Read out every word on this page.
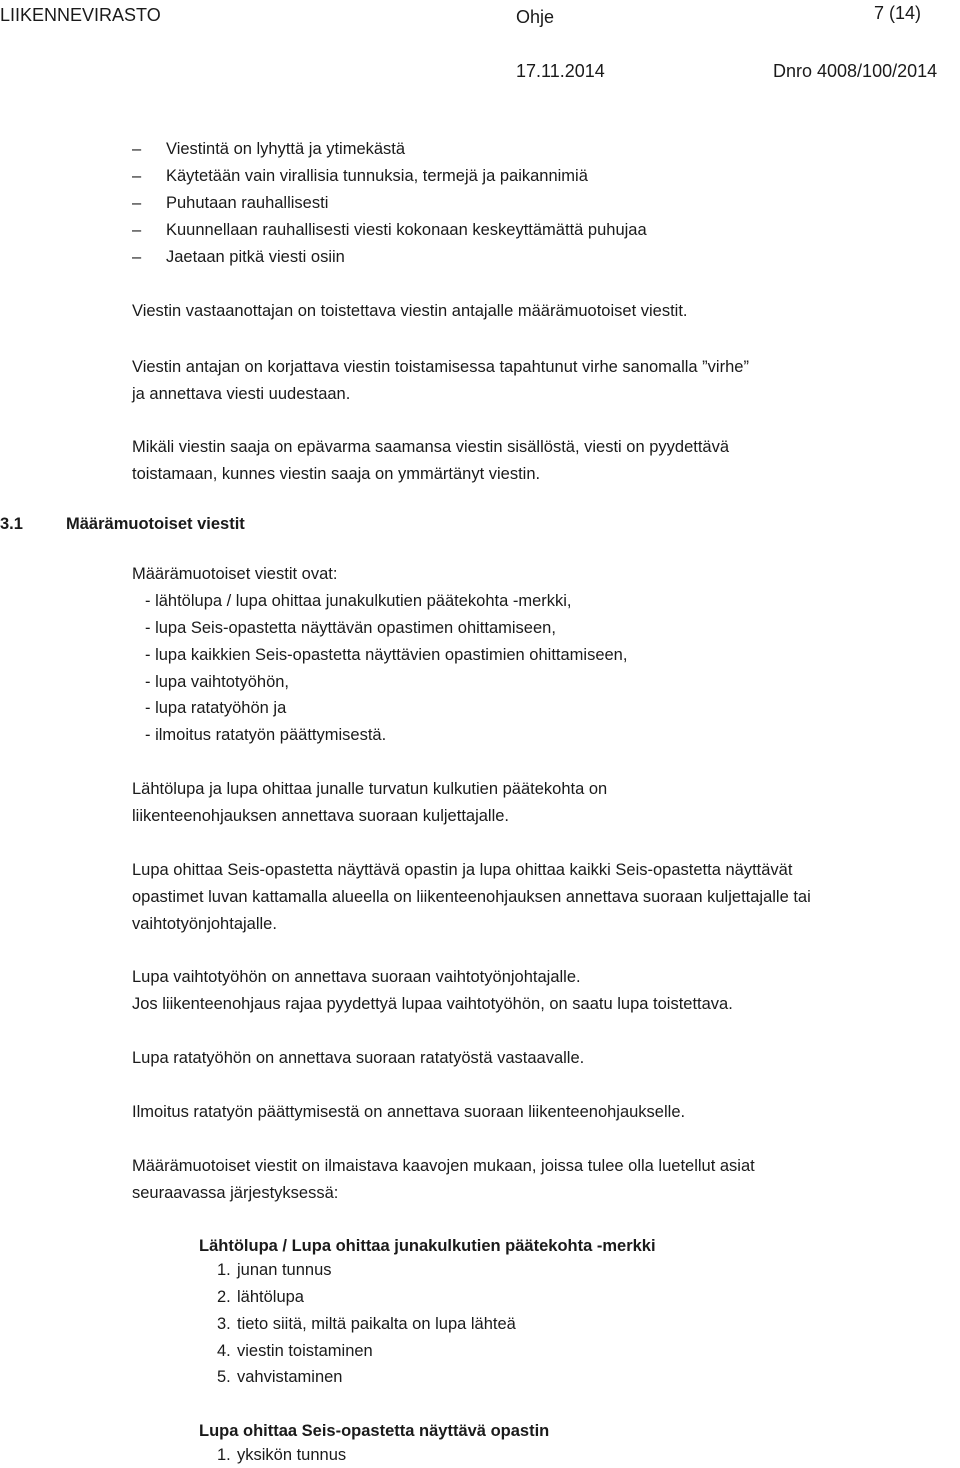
LIIKENNEVIRASTO	Ohje	7 (14)
17.11.2014	Dnro 4008/100/2014
– Viestintä on lyhyttä ja ytimekästä
– Käytetään vain virallisia tunnuksia, termejä ja paikannimiä
– Puhutaan rauhallisesti
– Kuunnellaan rauhallisesti viesti kokonaan keskeyttämättä puhujaa
– Jaetaan pitkä viesti osiin
Viestin vastaanottajan on toistettava viestin antajalle määrämuotoiset viestit.
Viestin antajan on korjattava viestin toistamisessa tapahtunut virhe sanomalla ”virhe”
ja annettava viesti uudestaan.
Mikäli viestin saaja on epävarma saamansa viestin sisällöstä, viesti on pyydettävä
toistamaan, kunnes viestin saaja on ymmärtänyt viestin.
3.1	Määrämuotoiset viestit
Määrämuotoiset viestit ovat:
- lähtölupa / lupa ohittaa junakulkutien päätekohta -merkki,
- lupa Seis-opastetta näyttävän opastimen ohittamiseen,
- lupa kaikkien Seis-opastetta näyttävien opastimien ohittamiseen,
- lupa vaihtotyöhön,
- lupa ratatyöhön ja
- ilmoitus ratatyön päättymisestä.
Lähtölupa ja lupa ohittaa junalle turvatun kulkutien päätekohta on
liikenteenohjauksen annettava suoraan kuljettajalle.
Lupa ohittaa Seis-opastetta näyttävä opastin ja lupa ohittaa kaikki Seis-opastetta näyttävät
opastimet luvan kattamalla alueella on liikenteenohjauksen annettava suoraan kuljettajalle tai
vaihtotyönjohtajalle.
Lupa vaihtotyöhön on annettava suoraan vaihtotyönjohtajalle.
Jos liikenteenohjaus rajaa pyydettyä lupaa vaihtotyöhön, on saatu lupa toistettava.
Lupa ratatyöhön on annettava suoraan ratatyöstä vastaavalle.
Ilmoitus ratatyön päättymisestä on annettava suoraan liikenteenohjaukselle.
Määrämuotoiset viestit on ilmaistava kaavojen mukaan, joissa tulee olla luetellut asiat
seuraavassa järjestyksessä:
Lähtölupa / Lupa ohittaa junakulkutien päätekohta -merkki
1. junan tunnus
2. lähtölupa
3. tieto siitä, miltä paikalta on lupa lähteä
4. viestin toistaminen
5. vahvistaminen
Lupa ohittaa Seis-opastetta näyttävä opastin
1. yksikön tunnus
